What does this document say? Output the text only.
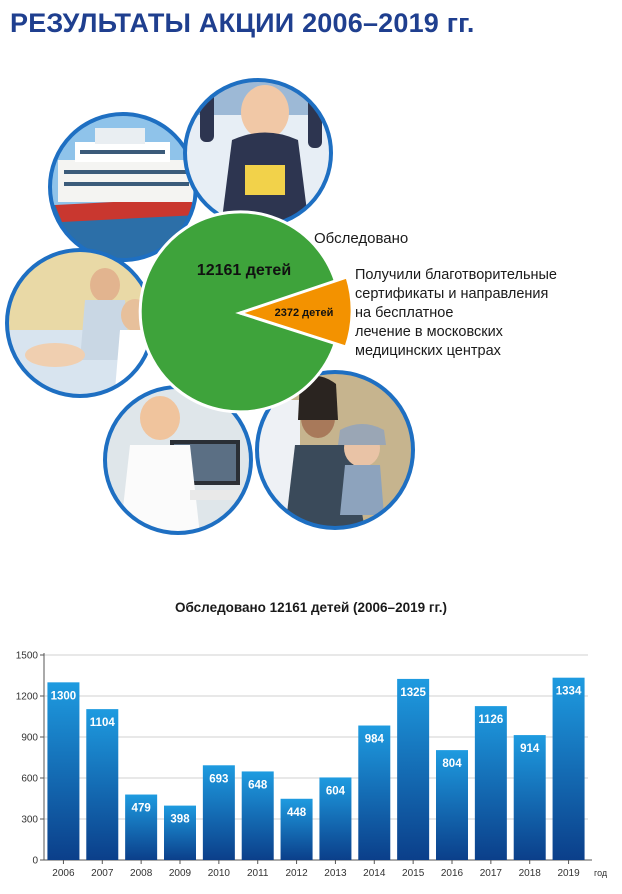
РЕЗУЛЬТАТЫ АКЦИИ 2006–2019 гг.
12161 детей
2372 детей
Обследовано
Получили благотворительные
сертификаты и направления
на бесплатное
лечение в московских
медицинских центрах
Обследовано 12161 детей (2006–2019 гг.)
0
300
600
900
1200
1500
1300
2006
1104
2007
479
2008
398
2009
693
2010
648
2011
448
2012
604
2013
984
2014
1325
2015
804
2016
1126
2017
914
2018
1334
2019 год
